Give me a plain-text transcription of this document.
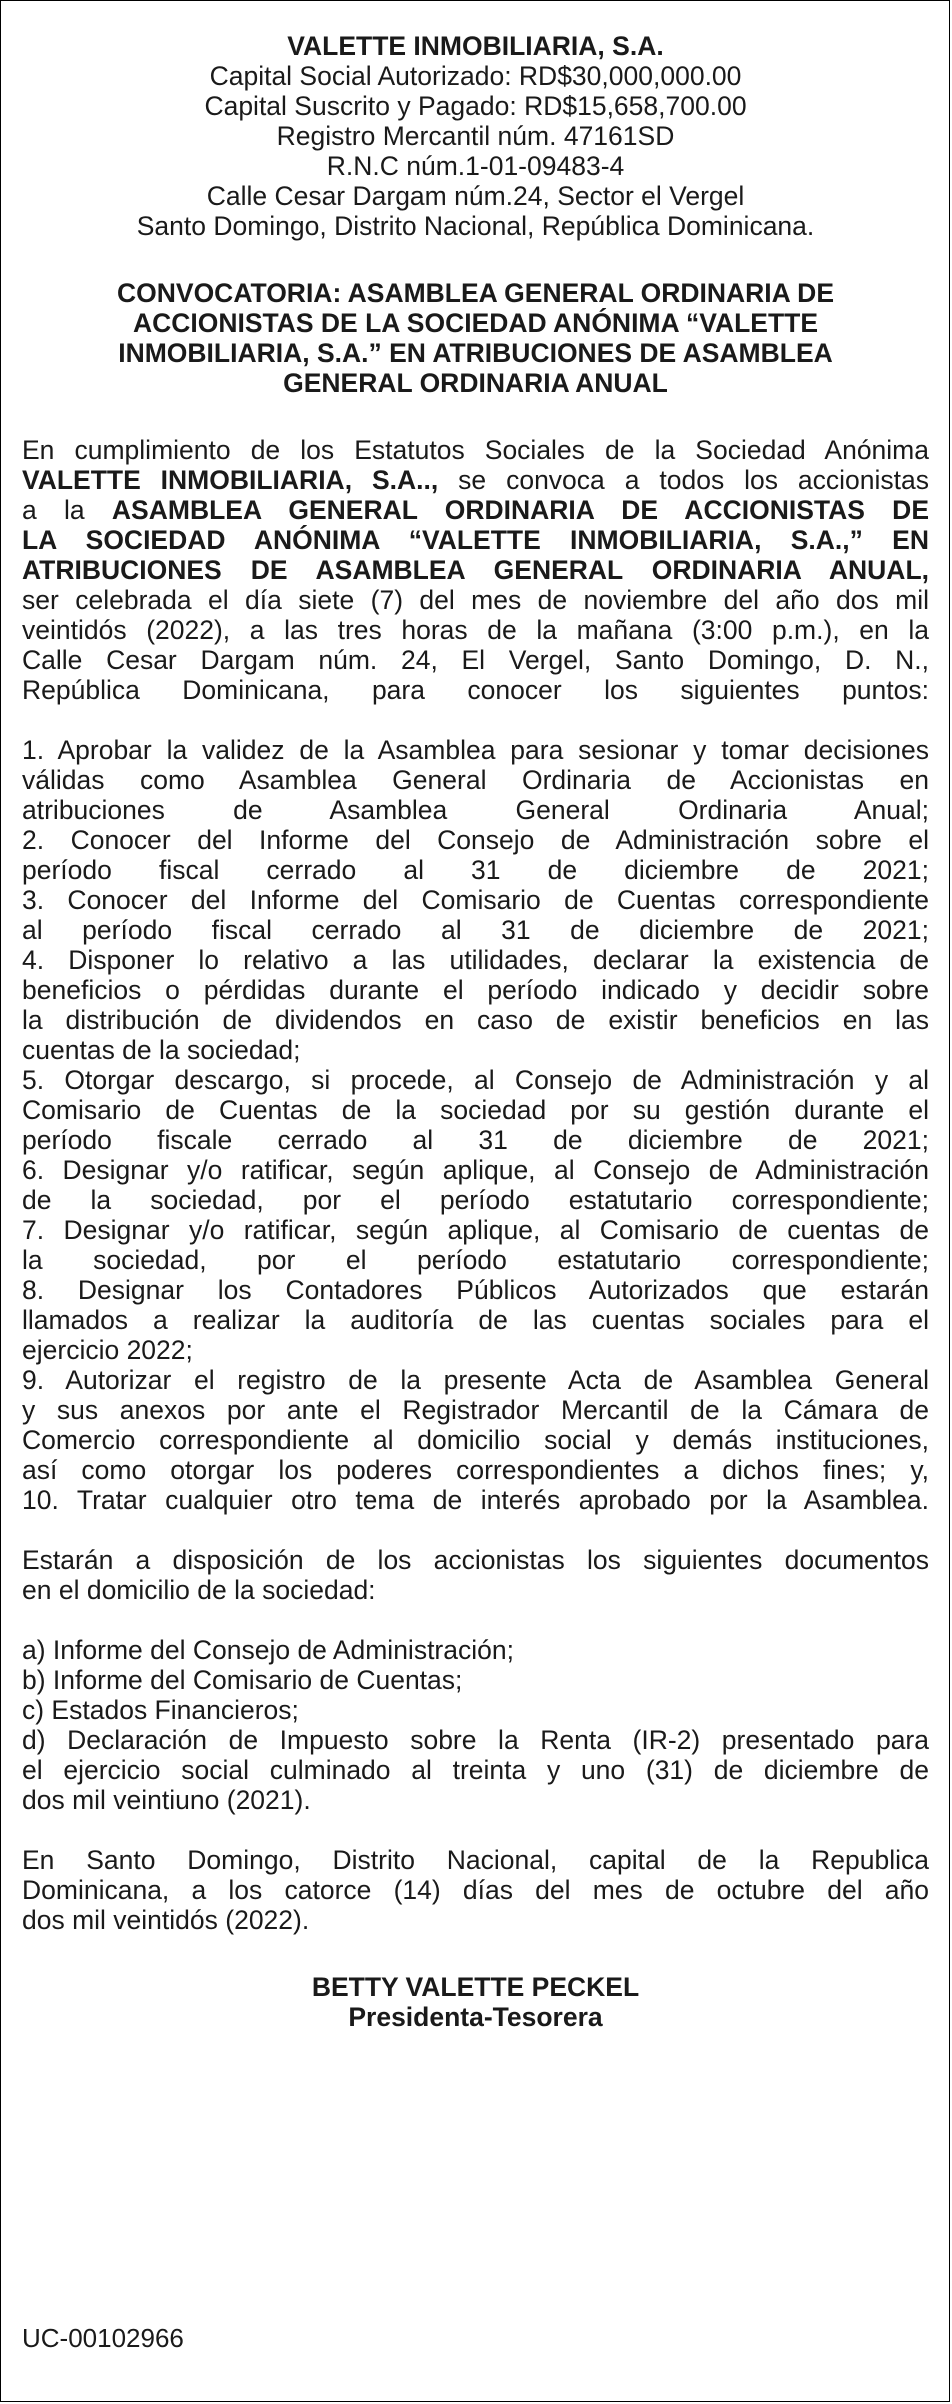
VALETTE INMOBILIARIA, S.A.
Capital Social Autorizado: RD$30,000,000.00
Capital Suscrito y Pagado: RD$15,658,700.00
Registro Mercantil núm. 47161SD
R.N.C núm.1-01-09483-4
Calle Cesar Dargam núm.24, Sector el Vergel
Santo Domingo, Distrito Nacional, República Dominicana.
CONVOCATORIA: ASAMBLEA GENERAL ORDINARIA DE
ACCIONISTAS DE LA SOCIEDAD ANÓNIMA “VALETTE
INMOBILIARIA, S.A.” EN ATRIBUCIONES DE ASAMBLEA
GENERAL ORDINARIA ANUAL
En cumplimiento de los Estatutos Sociales de la Sociedad Anónima
VALETTE INMOBILIARIA, S.A.., se convoca a todos los accionistas
a la ASAMBLEA GENERAL ORDINARIA DE ACCIONISTAS DE
LA SOCIEDAD ANÓNIMA “VALETTE INMOBILIARIA, S.A.,” EN
ATRIBUCIONES DE ASAMBLEA GENERAL ORDINARIA ANUAL,
ser celebrada el día siete (7) del mes de noviembre del año dos mil
veintidós (2022), a las tres horas de la mañana (3:00 p.m.), en la
Calle Cesar Dargam núm. 24, El Vergel, Santo Domingo, D. N.,
República Dominicana, para conocer los siguientes puntos:
1. Aprobar la validez de la Asamblea para sesionar y tomar decisiones
válidas como Asamblea General Ordinaria de Accionistas en
atribuciones de Asamblea General Ordinaria Anual;
2. Conocer del Informe del Consejo de Administración sobre el
período fiscal cerrado al 31 de diciembre de 2021;
3. Conocer del Informe del Comisario de Cuentas correspondiente
al período fiscal cerrado al 31 de diciembre de 2021;
4. Disponer lo relativo a las utilidades, declarar la existencia de
beneficios o pérdidas durante el período indicado y decidir sobre
la distribución de dividendos en caso de existir beneficios en las
cuentas de la sociedad;
5. Otorgar descargo, si procede, al Consejo de Administración y al
Comisario de Cuentas de la sociedad por su gestión durante el
período fiscale cerrado al 31 de diciembre de 2021;
6. Designar y/o ratificar, según aplique, al Consejo de Administración
de la sociedad, por el período estatutario correspondiente;
7. Designar y/o ratificar, según aplique, al Comisario de cuentas de
la sociedad, por el período estatutario correspondiente;
8. Designar los Contadores Públicos Autorizados que estarán
llamados a realizar la auditoría de las cuentas sociales para el
ejercicio 2022;
9. Autorizar el registro de la presente Acta de Asamblea General
y sus anexos por ante el Registrador Mercantil de la Cámara de
Comercio correspondiente al domicilio social y demás instituciones,
así como otorgar los poderes correspondientes a dichos fines; y,
10. Tratar cualquier otro tema de interés aprobado por la Asamblea.
Estarán a disposición de los accionistas los siguientes documentos
en el domicilio de la sociedad:
a) Informe del Consejo de Administración;
b) Informe del Comisario de Cuentas;
c) Estados Financieros;
d) Declaración de Impuesto sobre la Renta (IR-2) presentado para
el ejercicio social culminado al treinta y uno (31) de diciembre de
dos mil veintiuno (2021).
En Santo Domingo, Distrito Nacional, capital de la Republica
Dominicana, a los catorce (14) días del mes de octubre del año
dos mil veintidós (2022).
BETTY VALETTE PECKEL
Presidenta-Tesorera
UC-00102966
